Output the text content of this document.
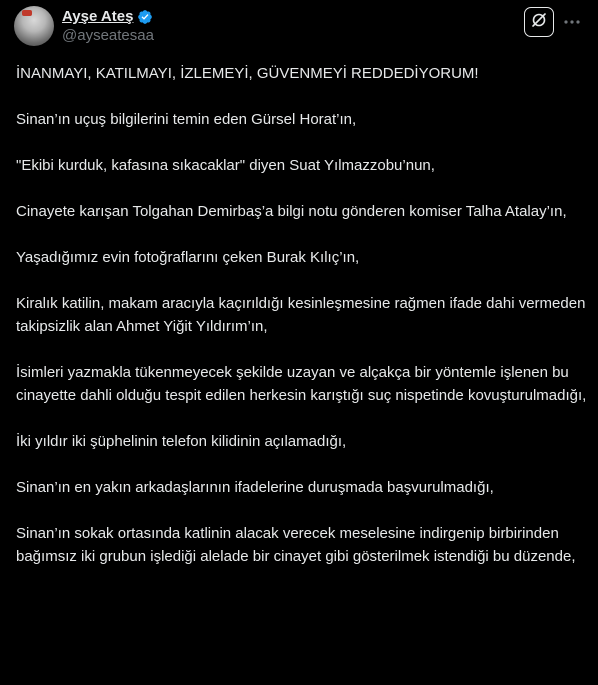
Ayşe Ateş
@ayseatesaa

İNANMAYI, KATILMAYI, İZLEMEYİ, GÜVENMEYİ REDDEDİYORUM!

Sinan’ın uçuş bilgilerini temin eden Gürsel Horat’ın,

"Ekibi kurduk, kafasına sıkacaklar" diyen Suat Yılmazzobu’nun,

Cinayete karışan Tolgahan Demirbaş’a bilgi notu gönderen komiser Talha Atalay’ın,

Yaşadığımız evin fotoğraflarını çeken Burak Kılıç’ın,

Kiralık katilin, makam aracıyla kaçırıldığı kesinleşmesine rağmen ifade dahi vermeden takipsizlik alan Ahmet Yiğit Yıldırım’ın,

İsimleri yazmakla tükenmeyecek şekilde uzayan ve alçakça bir yöntemle işlenen bu cinayette dahli olduğu tespit edilen herkesin karıştığı suç nispetinde kovuşturulmadığı,

İki yıldır iki şüphelinin telefon kilidinin açılamadığı,

Sinan’ın en yakın arkadaşlarının ifadelerine duruşmada başvurulmadığı,

Sinan’ın sokak ortasında katlinin alacak verecek meselesine indirgenip birbirinden bağımsız iki grubun işlediği alelade bir cinayet gibi gösterilmek istendiği bu düzende,
